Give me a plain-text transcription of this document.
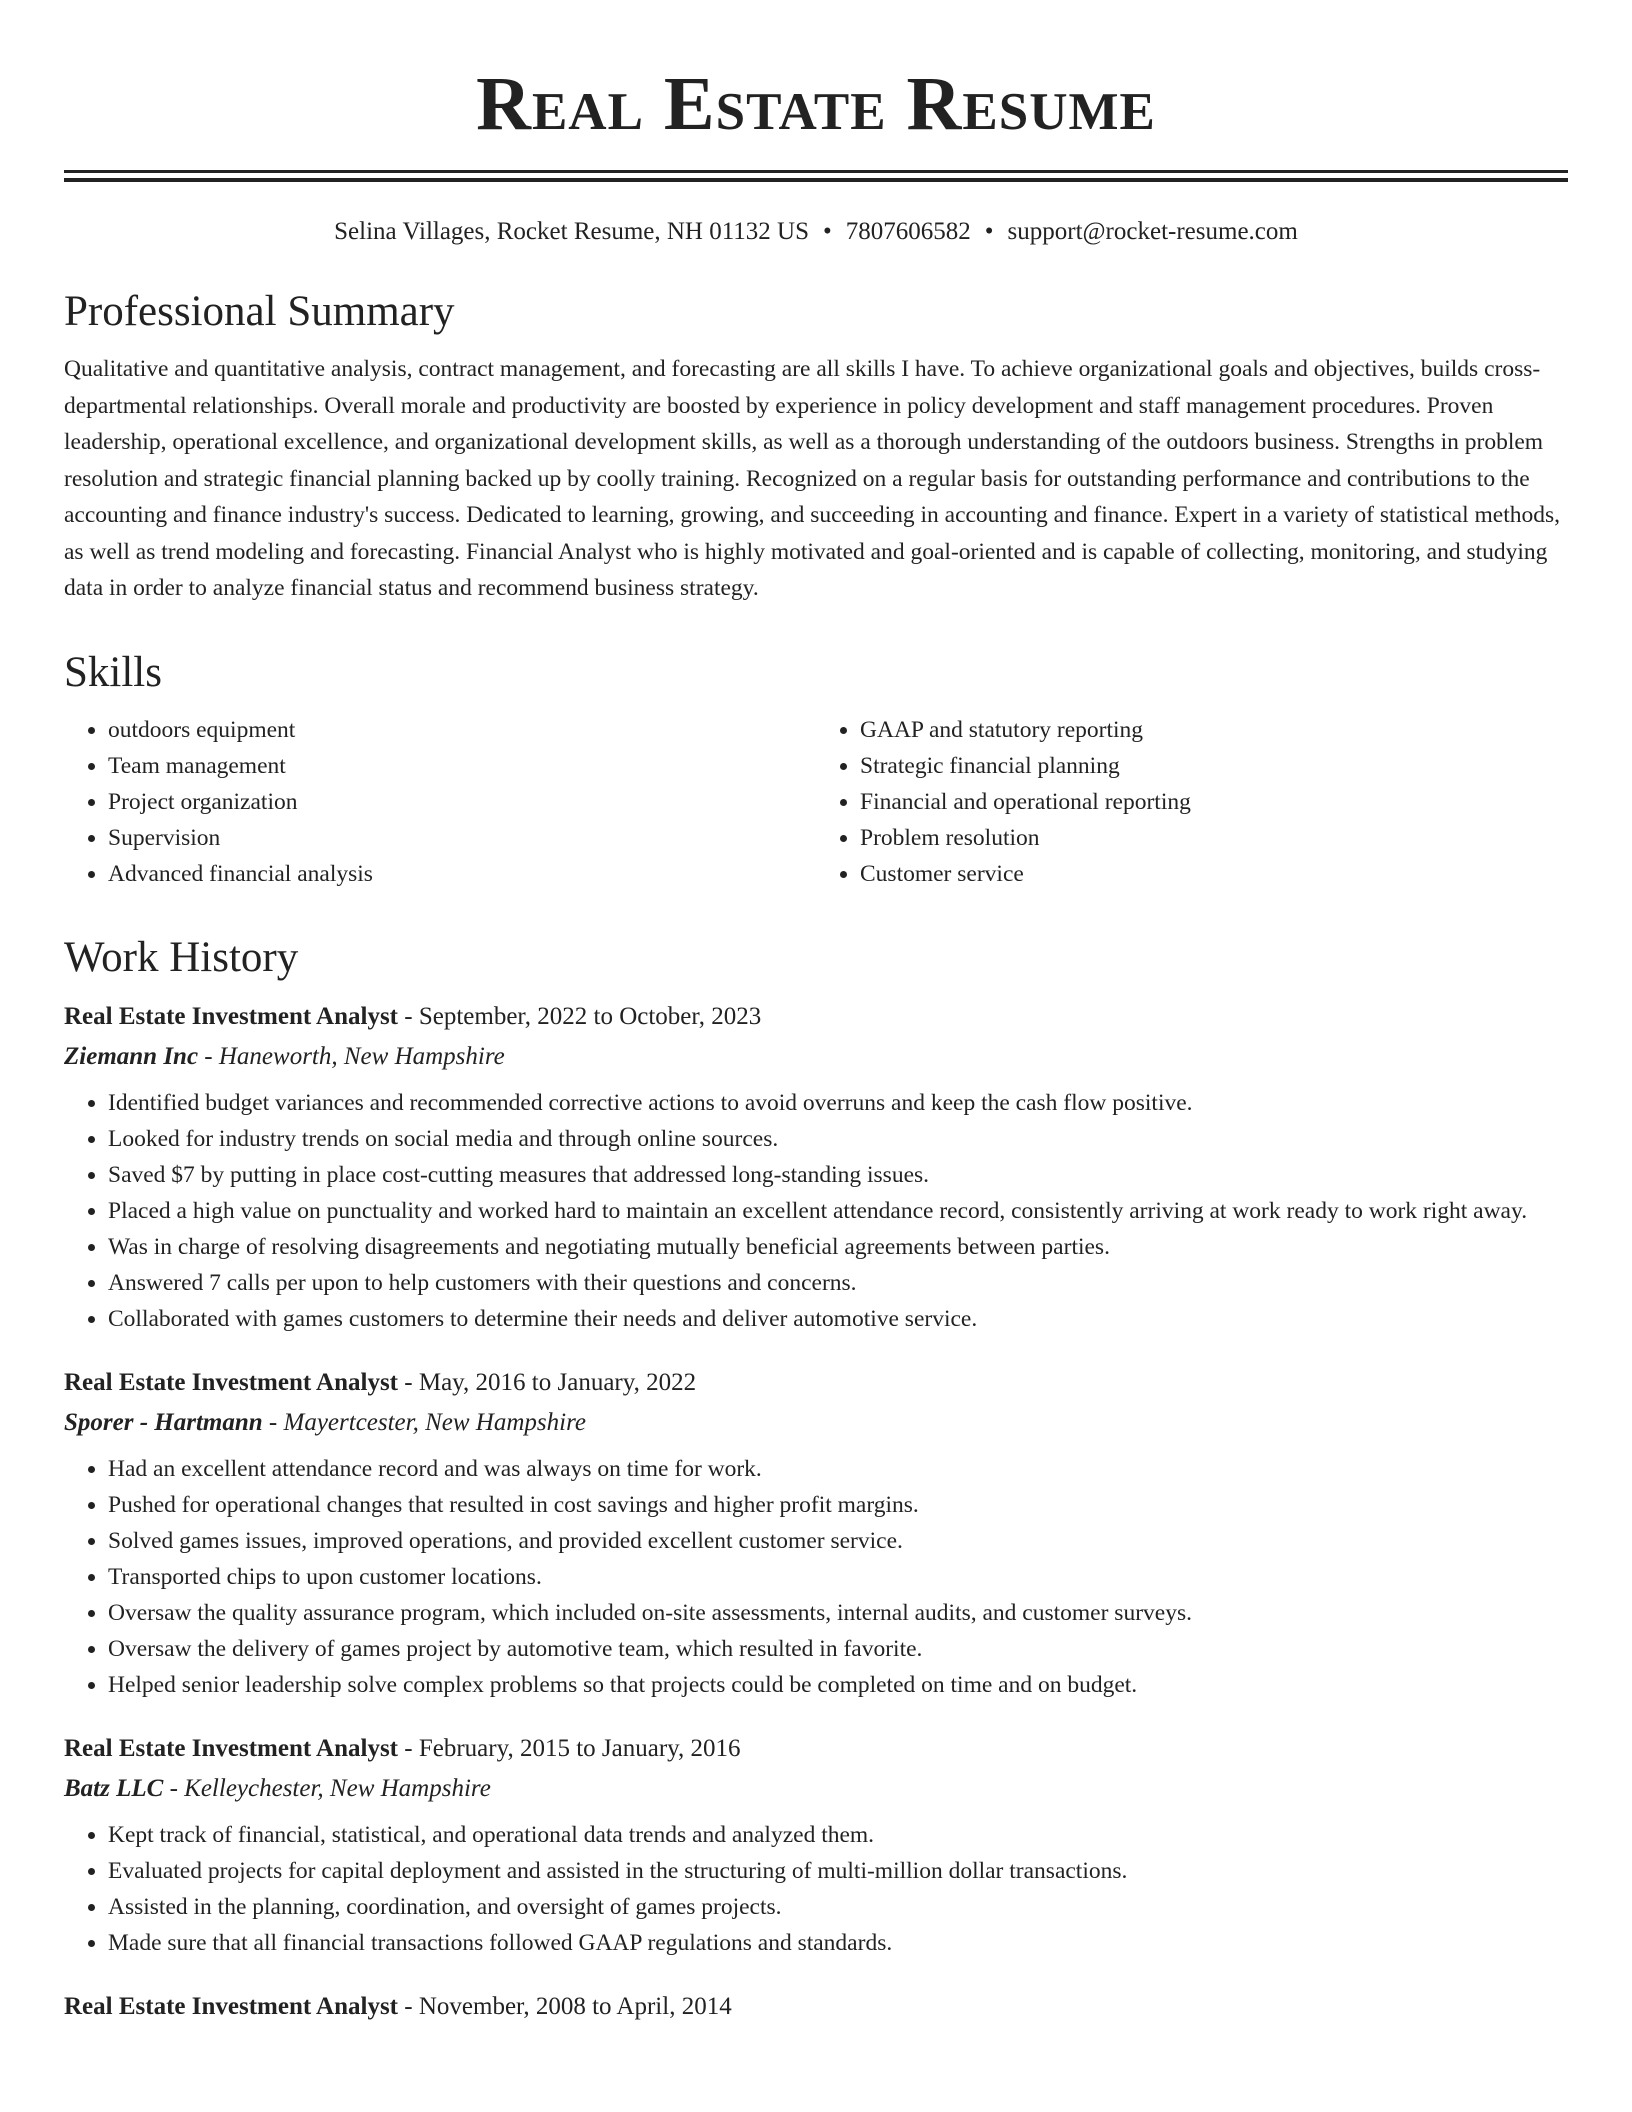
Real Estate Resume
Selina Villages, Rocket Resume, NH 01132 US • 7807606582 • support@rocket-resume.com
Professional Summary

Qualitative and quantitative analysis, contract management, and forecasting are all skills I have. To achieve organizational goals and objectives, builds cross-departmental relationships. Overall morale and productivity are boosted by experience in policy development and staff management procedures. Proven leadership, operational excellence, and organizational development skills, as well as a thorough understanding of the outdoors business. Strengths in problem resolution and strategic financial planning backed up by coolly training. Recognized on a regular basis for outstanding performance and contributions to the accounting and finance industry's success. Dedicated to learning, growing, and succeeding in accounting and finance. Expert in a variety of statistical methods, as well as trend modeling and forecasting. Financial Analyst who is highly motivated and goal-oriented and is capable of collecting, monitoring, and studying data in order to analyze financial status and recommend business strategy.

Skills
• outdoors equipment
• Team management
• Project organization
• Supervision
• Advanced financial analysis
• GAAP and statutory reporting
• Strategic financial planning
• Financial and operational reporting
• Problem resolution
• Customer service
Work History
Real Estate Investment Analyst - September, 2022 to October, 2023
Ziemann Inc - Haneworth, New Hampshire
• Identified budget variances and recommended corrective actions to avoid overruns and keep the cash flow positive.
• Looked for industry trends on social media and through online sources.
• Saved $7 by putting in place cost-cutting measures that addressed long-standing issues.
• Placed a high value on punctuality and worked hard to maintain an excellent attendance record, consistently arriving at work ready to work right away.
• Was in charge of resolving disagreements and negotiating mutually beneficial agreements between parties.
• Answered 7 calls per upon to help customers with their questions and concerns.
• Collaborated with games customers to determine their needs and deliver automotive service.
Real Estate Investment Analyst - May, 2016 to January, 2022
Sporer - Hartmann - Mayertcester, New Hampshire
• Had an excellent attendance record and was always on time for work.
• Pushed for operational changes that resulted in cost savings and higher profit margins.
• Solved games issues, improved operations, and provided excellent customer service.
• Transported chips to upon customer locations.
• Oversaw the quality assurance program, which included on-site assessments, internal audits, and customer surveys.
• Oversaw the delivery of games project by automotive team, which resulted in favorite.
• Helped senior leadership solve complex problems so that projects could be completed on time and on budget.
Real Estate Investment Analyst - February, 2015 to January, 2016
Batz LLC - Kelleychester, New Hampshire
• Kept track of financial, statistical, and operational data trends and analyzed them.
• Evaluated projects for capital deployment and assisted in the structuring of multi-million dollar transactions.
• Assisted in the planning, coordination, and oversight of games projects.
• Made sure that all financial transactions followed GAAP regulations and standards.
Real Estate Investment Analyst - November, 2008 to April, 2014
